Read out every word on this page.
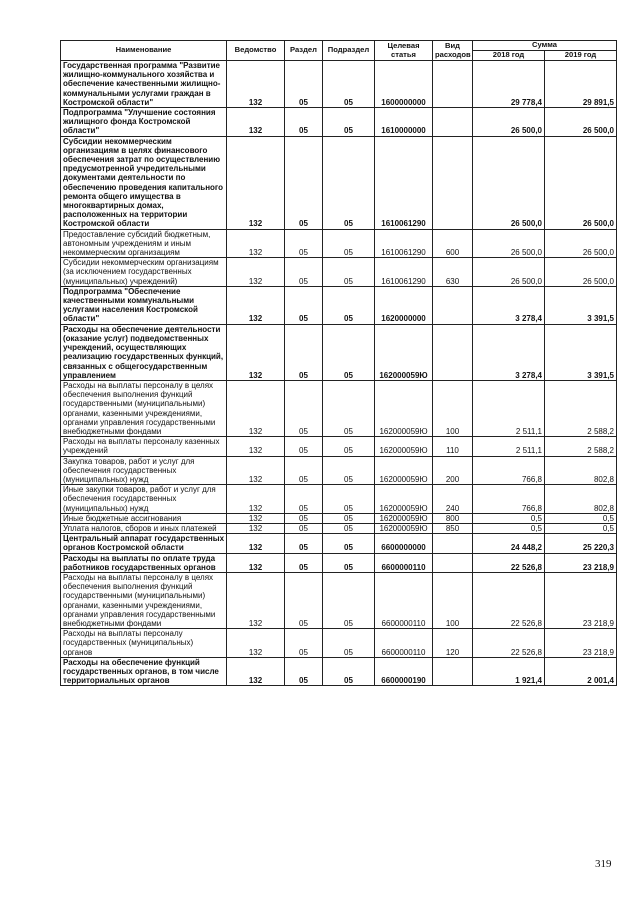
Наименование	Ведомство	Раздел	Подраздел	Целевая статья	Вид расходов	Сумма	
						2018 год	2019 год
Государственная программа "Развитие жилищно-коммунального хозяйства и обеспечение качественными жилищно-коммунальными услугами граждан в Костромской области"	132	05	05	1600000000		29 778,4	29 891,5
Подпрограмма "Улучшение состояния жилищного фонда Костромской области"	132	05	05	1610000000		26 500,0	26 500,0
Субсидии некоммерческим организациям в целях финансового обеспечения затрат по осуществлению предусмотренной учредительными документами деятельности по обеспечению проведения капитального ремонта общего имущества в многоквартирных домах, расположенных на территории Костромской области	132	05	05	1610061290		26 500,0	26 500,0
Предоставление субсидий бюджетным, автономным учреждениям и иным некоммерческим организациям	132	05	05	1610061290	600	26 500,0	26 500,0
Субсидии некоммерческим организациям (за исключением государственных (муниципальных) учреждений)	132	05	05	1610061290	630	26 500,0	26 500,0
Подпрограмма "Обеспечение качественными коммунальными услугами населения Костромской области"	132	05	05	1620000000		3 278,4	3 391,5
Расходы на обеспечение деятельности (оказание услуг) подведомственных учреждений, осуществляющих реализацию государственных функций, связанных с общегосударственным управлением	132	05	05	162000059Ю		3 278,4	3 391,5
Расходы на выплаты персоналу в целях обеспечения выполнения функций государственными (муниципальными) органами, казенными учреждениями, органами управления государственными внебюджетными фондами	132	05	05	162000059Ю	100	2 511,1	2 588,2
Расходы на выплаты персоналу казенных учреждений	132	05	05	162000059Ю	110	2 511,1	2 588,2
Закупка товаров, работ и услуг для обеспечения государственных (муниципальных) нужд	132	05	05	162000059Ю	200	766,8	802,8
Иные закупки товаров, работ и услуг для обеспечения государственных (муниципальных) нужд	132	05	05	162000059Ю	240	766,8	802,8
Иные бюджетные ассигнования	132	05	05	162000059Ю	800	0,5	0,5
Уплата налогов, сборов и иных платежей	132	05	05	162000059Ю	850	0,5	0,5
Центральный аппарат государственных органов Костромской области	132	05	05	6600000000		24 448,2	25 220,3
Расходы на выплаты по оплате труда работников государственных органов	132	05	05	6600000110		22 526,8	23 218,9
Расходы на выплаты персоналу в целях обеспечения выполнения функций государственными (муниципальными) органами, казенными учреждениями, органами управления государственными внебюджетными фондами	132	05	05	6600000110	100	22 526,8	23 218,9
Расходы на выплаты персоналу государственных (муниципальных) органов	132	05	05	6600000110	120	22 526,8	23 218,9
Расходы на обеспечение функций государственных органов, в том числе территориальных органов	132	05	05	6600000190		1 921,4	2 001,4
319
